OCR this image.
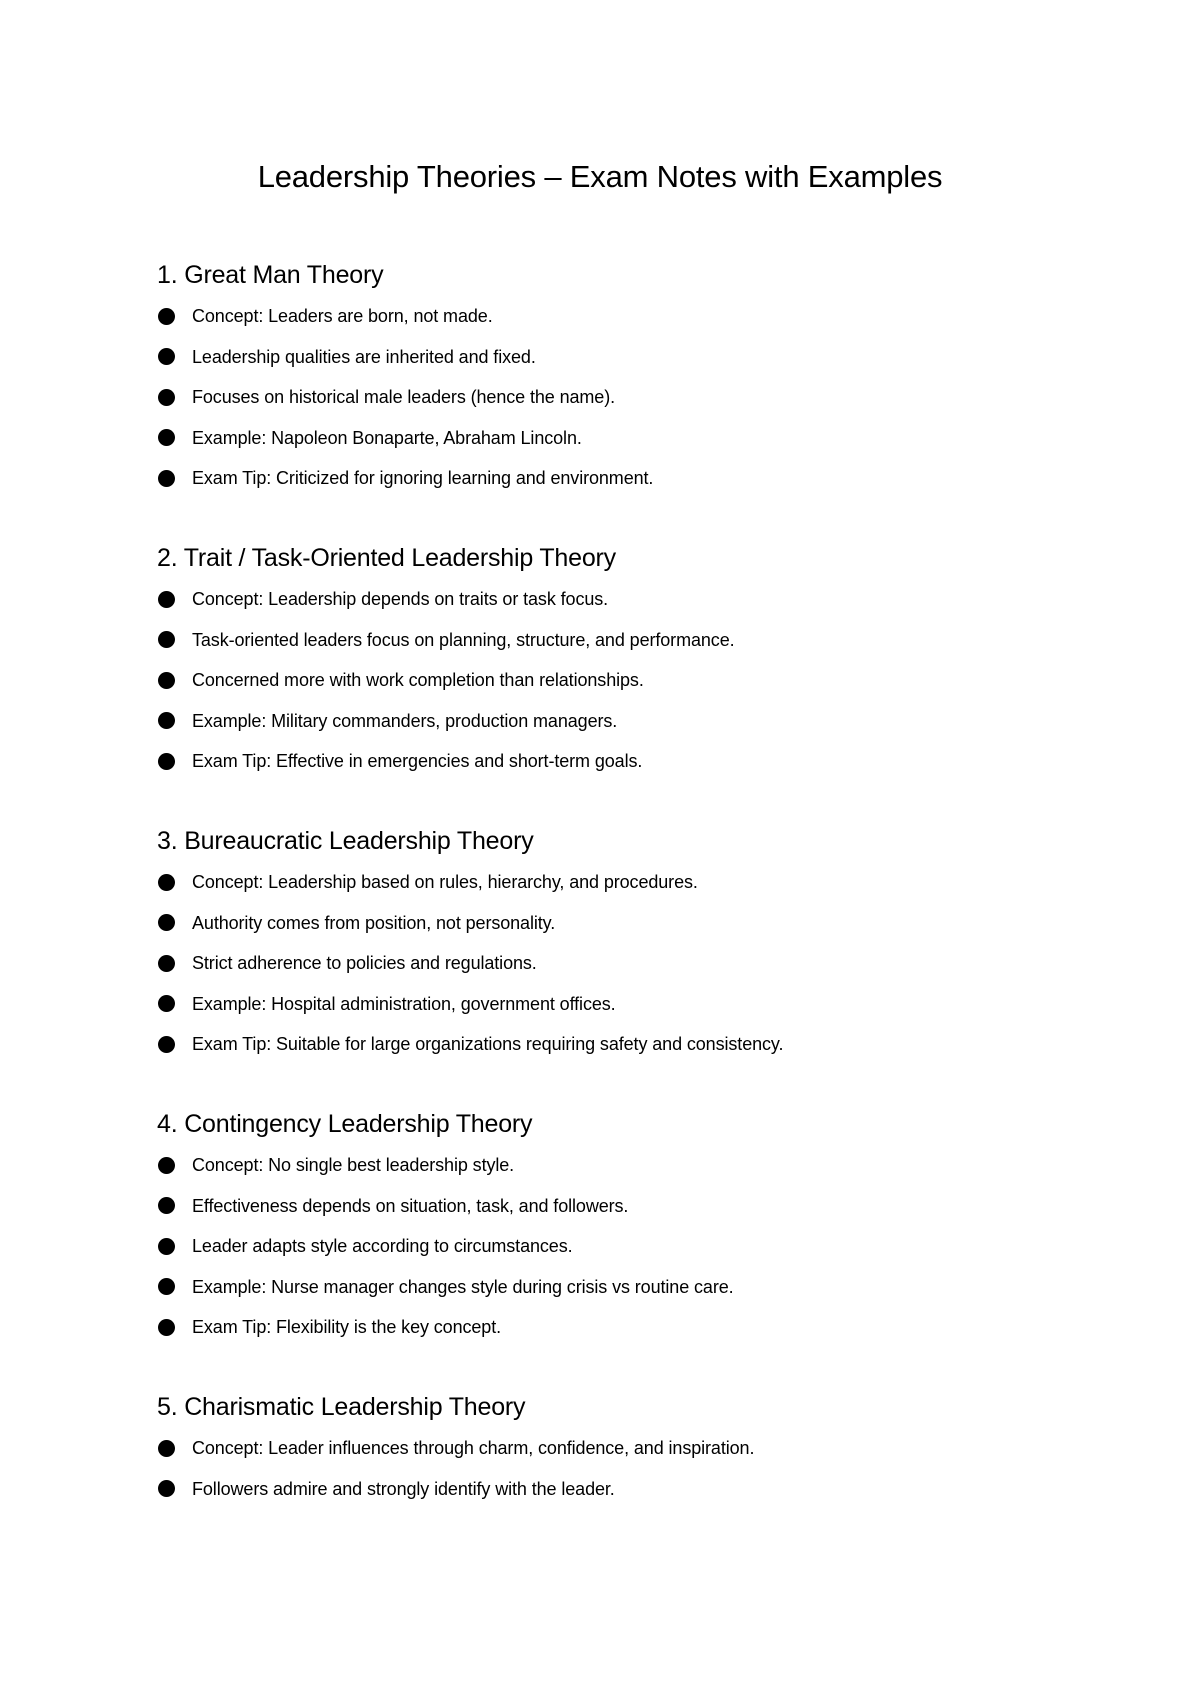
Leadership Theories – Exam Notes with Examples
1. Great Man Theory
Concept: Leaders are born, not made.
Leadership qualities are inherited and fixed.
Focuses on historical male leaders (hence the name).
Example: Napoleon Bonaparte, Abraham Lincoln.
Exam Tip: Criticized for ignoring learning and environment.
2. Trait / Task-Oriented Leadership Theory
Concept: Leadership depends on traits or task focus.
Task-oriented leaders focus on planning, structure, and performance.
Concerned more with work completion than relationships.
Example: Military commanders, production managers.
Exam Tip: Effective in emergencies and short-term goals.
3. Bureaucratic Leadership Theory
Concept: Leadership based on rules, hierarchy, and procedures.
Authority comes from position, not personality.
Strict adherence to policies and regulations.
Example: Hospital administration, government offices.
Exam Tip: Suitable for large organizations requiring safety and consistency.
4. Contingency Leadership Theory
Concept: No single best leadership style.
Effectiveness depends on situation, task, and followers.
Leader adapts style according to circumstances.
Example: Nurse manager changes style during crisis vs routine care.
Exam Tip: Flexibility is the key concept.
5. Charismatic Leadership Theory
Concept: Leader influences through charm, confidence, and inspiration.
Followers admire and strongly identify with the leader.
